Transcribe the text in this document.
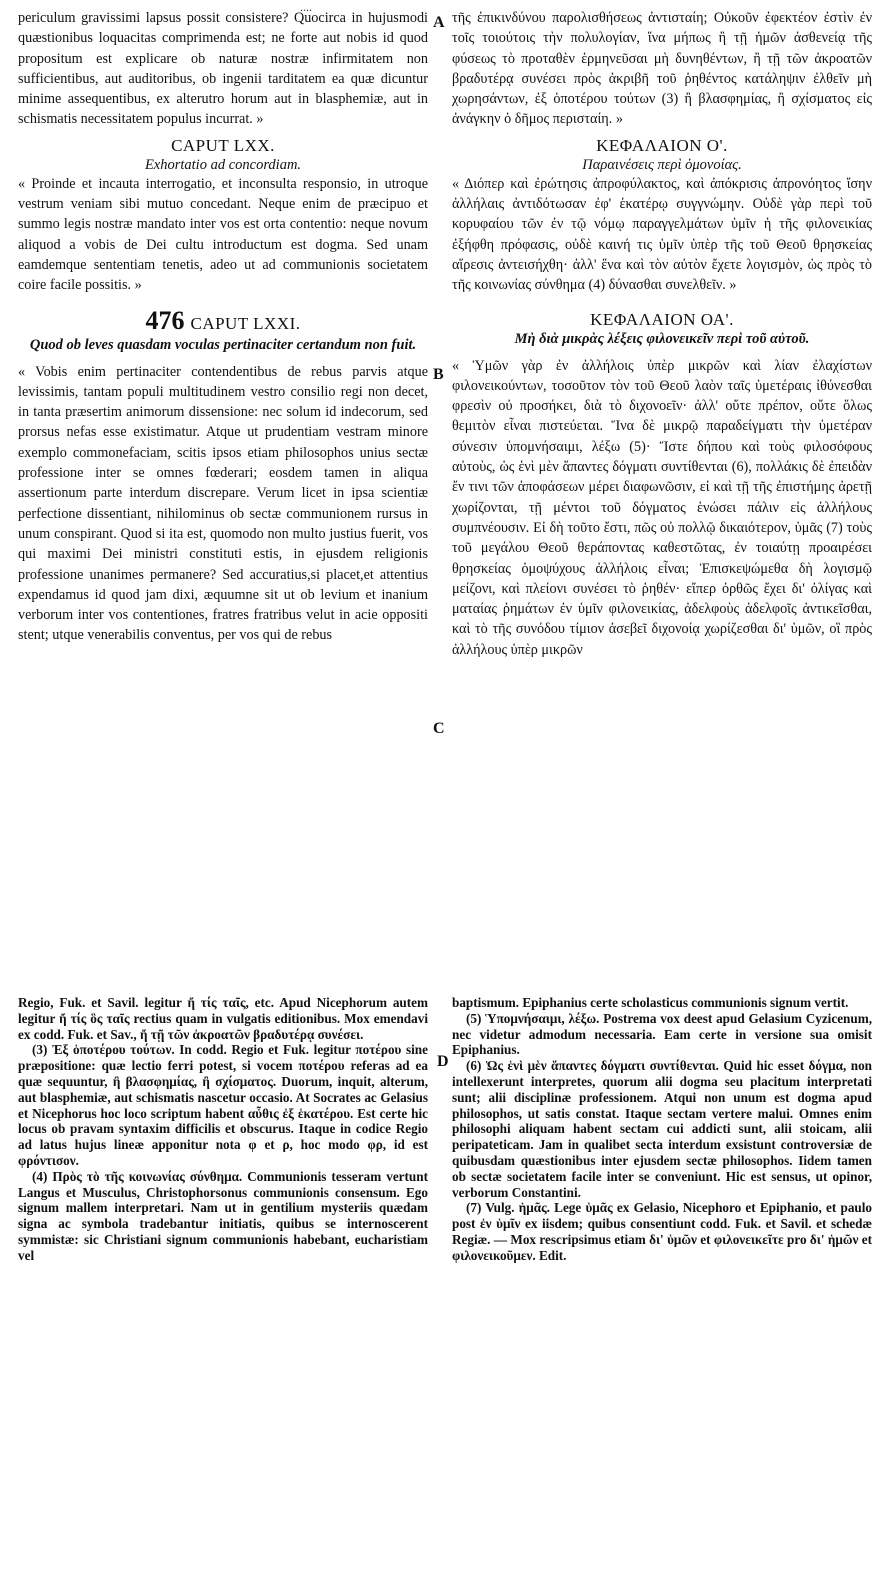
....

periculum gravissimi lapsus possit consistere? Quocirca in hujusmodi quæstionibus loquacitas comprimenda est; ne forte aut nobis id quod propositum est explicare ob naturæ nostræ infirmitatem non sufficientibus, aut auditoribus, ob ingenii tarditatem ea quæ dicuntur minime assequentibus, ex alterutro horum aut in blasphemiæ, aut in schismatis necessitatem populus incurrat. »

CAPUT LXX.

Exhortatio ad concordiam.

« Proinde et incauta interrogatio, et inconsulta responsio, in utroque vestrum veniam sibi mutuo concedant. Neque enim de præcipuo et summo legis nostræ mandato inter vos est orta contentio: neque novum aliquod a vobis de Dei cultu introductum est dogma. Sed unam eamdemque sententiam tenetis, adeo ut ad communionis societatem coire facile possitis. »

476 CAPUT LXXI.

Quod ob leves quasdam voculas pertinaciter certandum non fuit.

« Vobis enim pertinaciter contendentibus de rebus parvis atque levissimis, tantam populi multitudinem vestro consilio regi non decet, in tanta præsertim animorum dissensione: nec solum id indecorum, sed prorsus nefas esse existimatur. Atque ut prudentiam vestram minore exemplo commonefaciam, scitis ipsos etiam philosophos unius sectæ professione inter se omnes fœderari; eosdem tamen in aliqua assertionum parte interdum discrepare. Verum licet in ipsa scientiæ perfectione dissentiant, nihilominus ob sectæ communionem rursus in unum conspirant. Quod si ita est, quomodo non multo justius fuerit, vos qui maximi Dei ministri constituti estis, in ejusdem religionis professione unanimes permanere? Sed accuratius,si placet,et attentius expendamus id quod jam dixi, æquumne sit ut ob levium et inanium verborum inter vos contentiones, fratres fratribus velut in acie oppositi stent; utque venerabilis conventus, per vos qui de rebus

τῆς ἐπικινδύνου παρολισθήσεως ἀντισταίη; Οὐκοῦν ἐφεκτέον ἐστὶν ἐν τοῖς τοιούτοις τὴν πολυλογίαν, ἵνα μήπως ἢ τῇ ἡμῶν ἀσθενείᾳ τῆς φύσεως τὸ προταθὲν ἑρμηνεῦσαι μὴ δυνηθέντων, ἢ τῇ τῶν ἀκροατῶν βραδυτέρᾳ συνέσει πρὸς ἀκριβῆ τοῦ ῥηθέντος κατάληψιν ἐλθεῖν μὴ χωρησάντων, ἐξ ὁποτέρου τούτων (3) ἢ βλασφημίας, ἢ σχίσματος εἰς ἀνάγκην ὁ δῆμος περισταίη. »

ΚΕΦΑΛΑΙΟΝ Ο'.

Παραινέσεις περὶ ὁμονοίας.

« Διόπερ καὶ ἐρώτησις ἀπροφύλακτος, καὶ ἀπόκρισις ἀπρονόητος ἴσην ἀλλήλαις ἀντιδότωσαν ἐφ' ἑκατέρῳ συγγνώμην. Οὐδὲ γὰρ περὶ τοῦ κορυφαίου τῶν ἐν τῷ νόμῳ παραγγελμάτων ὑμῖν ἡ τῆς φιλονεικίας ἐξήφθη πρόφασις, οὐδὲ καινή τις ὑμῖν ὑπὲρ τῆς τοῦ Θεοῦ θρησκείας αἵρεσις ἀντεισήχθη· ἀλλ' ἕνα καὶ τὸν αὐτὸν ἔχετε λογισμὸν, ὡς πρὸς τὸ τῆς κοινωνίας σύνθημα (4) δύνασθαι συνελθεῖν. »

ΚΕΦΑΛΑΙΟΝ ΟΑ'.

Μὴ διὰ μικρὰς λέξεις φιλονεικεῖν περὶ τοῦ αὐτοῦ.

« Ὑμῶν γὰρ ἐν ἀλλήλοις ὑπὲρ μικρῶν καὶ λίαν ἐλαχίστων φιλονεικούντων, τοσοῦτον τὸν τοῦ Θεοῦ λαὸν ταῖς ὑμετέραις ἰθύνεσθαι φρεσὶν οὐ προσήκει, διὰ τὸ διχονοεῖν· ἀλλ' οὔτε πρέπον, οὔτε ὅλως θεμιτὸν εἶναι πιστεύεται. Ἵνα δὲ μικρῷ παραδείγματι τὴν ὑμετέραν σύνεσιν ὑπομνήσαιμι, λέξω (5)· Ἴστε δήπου καὶ τοὺς φιλοσόφους αὐτοὺς, ὡς ἑνὶ μὲν ἅπαντες δόγματι συντίθενται (6), πολλάκις δὲ ἐπειδὰν ἔν τινι τῶν ἀποφάσεων μέρει διαφωνῶσιν, εἰ καὶ τῇ τῆς ἐπιστήμης ἀρετῇ χωρίζονται, τῇ μέντοι τοῦ δόγματος ἑνώσει πάλιν εἰς ἀλλήλους συμπνέουσιν. Εἰ δὴ τοῦτο ἔστι, πῶς οὐ πολλῷ δικαιότερον, ὑμᾶς (7) τοὺς τοῦ μεγάλου Θεοῦ θεράποντας καθεστῶτας, ἐν τοιαύτῃ προαιρέσει θρησκείας ὁμοψύχους ἀλλήλοις εἶναι; Ἐπισκεψώμεθα δὴ λογισμῷ μείζονι, καὶ πλείονι συνέσει τὸ ῥηθέν· εἴπερ ὀρθῶς ἔχει δι' ὀλίγας καὶ ματαίας ῥημάτων ἐν ὑμῖν φιλονεικίας, ἀδελφοὺς ἀδελφοῖς ἀντικεῖσθαι, καὶ τὸ τῆς συνόδου τίμιον ἀσεβεῖ διχονοίᾳ χωρίζεσθαι δι' ὑμῶν, οἳ πρὸς ἀλλήλους ὑπὲρ μικρῶν

A
B
C
D

Regio, Fuk. et Savil. legitur ἤ τίς ταῖς, etc. Apud Nicephorum autem legitur ἤ τίς ὃς ταῖς rectius quam in vulgatis editionibus. Mox emendavi ex codd. Fuk. et Sav., ἤ τῇ τῶν ἀκροατῶν βραδυτέρᾳ συνέσει.

(3) Ἐξ ὁποτέρου τούτων. In codd. Regio et Fuk. legitur ποτέρου sine præpositione: quæ lectio ferri potest, si vocem ποτέρου referas ad ea quæ sequuntur, ἢ βλασφημίας, ἢ σχίσματος. Duorum, inquit, alterum, aut blasphemiæ, aut schismatis nascetur occasio. At Socrates ac Gelasius et Nicephorus hoc loco scriptum habent αὖθις ἐξ ἑκατέρου. Est certe hic locus ob pravam syntaxim difficilis et obscurus. Itaque in codice Regio ad latus hujus lineæ apponitur nota φ et ρ, hoc modo φρ, id est φρόντισον.

(4) Πρὸς τὸ τῆς κοινωνίας σύνθημα. Communionis tesseram vertunt Langus et Musculus, Christophorsonus communionis consensum. Ego signum mallem interpretari. Nam ut in gentilium mysteriis quædam signa ac symbola tradebantur initiatis, quibus se internoscerent symmistæ: sic Christiani signum communionis habebant, eucharistiam vel

baptismum. Epiphanius certe scholasticus communionis signum vertit.

(5) Ὑπομνήσαιμι, λέξω. Postrema vox deest apud Gelasium Cyzicenum, nec videtur admodum necessaria. Eam certe in versione sua omisit Epiphanius.

(6) Ὡς ἑνὶ μὲν ἅπαντες δόγματι συντίθενται. Quid hic esset δόγμα, non intellexerunt interpretes, quorum alii dogma seu placitum interpretati sunt; alii disciplinæ professionem. Atqui non unum est dogma apud philosophos, ut satis constat. Itaque sectam vertere malui. Omnes enim philosophi aliquam habent sectam cui addicti sunt, alii stoicam, alii peripateticam. Jam in qualibet secta interdum exsistunt controversiæ de quibusdam quæstionibus inter ejusdem sectæ philosophos. Iidem tamen ob sectæ societatem facile inter se conveniunt. Hic est sensus, ut opinor, verborum Constantini.

(7) Vulg. ἡμᾶς. Lege ὑμᾶς ex Gelasio, Nicephoro et Epiphanio, et paulo post ἐν ὑμῖν ex iisdem; quibus consentiunt codd. Fuk. et Savil. et schedæ Regiæ. — Mox rescripsimus etiam δι' ὑμῶν et φιλονεικεῖτε pro δι' ἡμῶν et φιλονεικοῦμεν. Edit.
